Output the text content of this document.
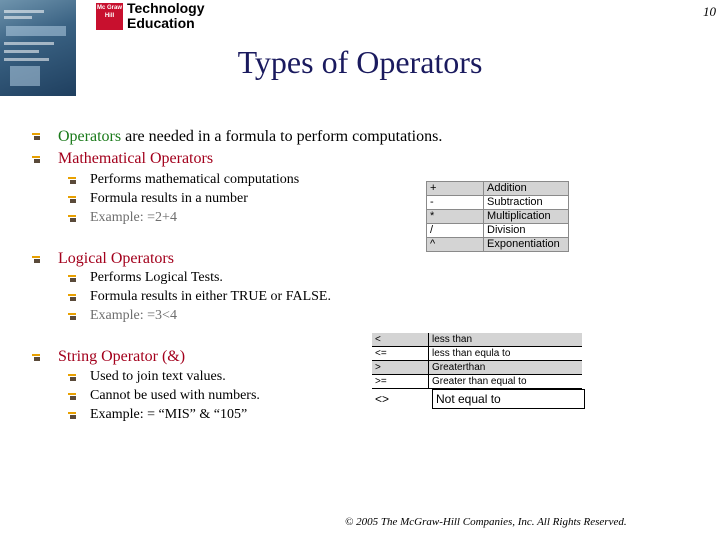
Mc Graw Hill Technology
Education
10
Types of Operators
Operators are needed in a formula to perform computations.
Mathematical Operators
Performs mathematical computations
Formula results in a number
Example: =2+4
+	Addition
-	Subtraction
*	Multiplication
/	Division
^	Exponentiation
Logical Operators
Performs Logical Tests.
Formula results in either TRUE or FALSE.
Example: =3<4
<	less than
<=	less than equla to
>	Greaterthan
>=	Greater than equal to
<>	Not equal to
String Operator (&)
Used to join text values.
Cannot be used with numbers.
Example: = “MIS” & “105”
© 2005 The McGraw-Hill Companies, Inc. All Rights Reserved.
